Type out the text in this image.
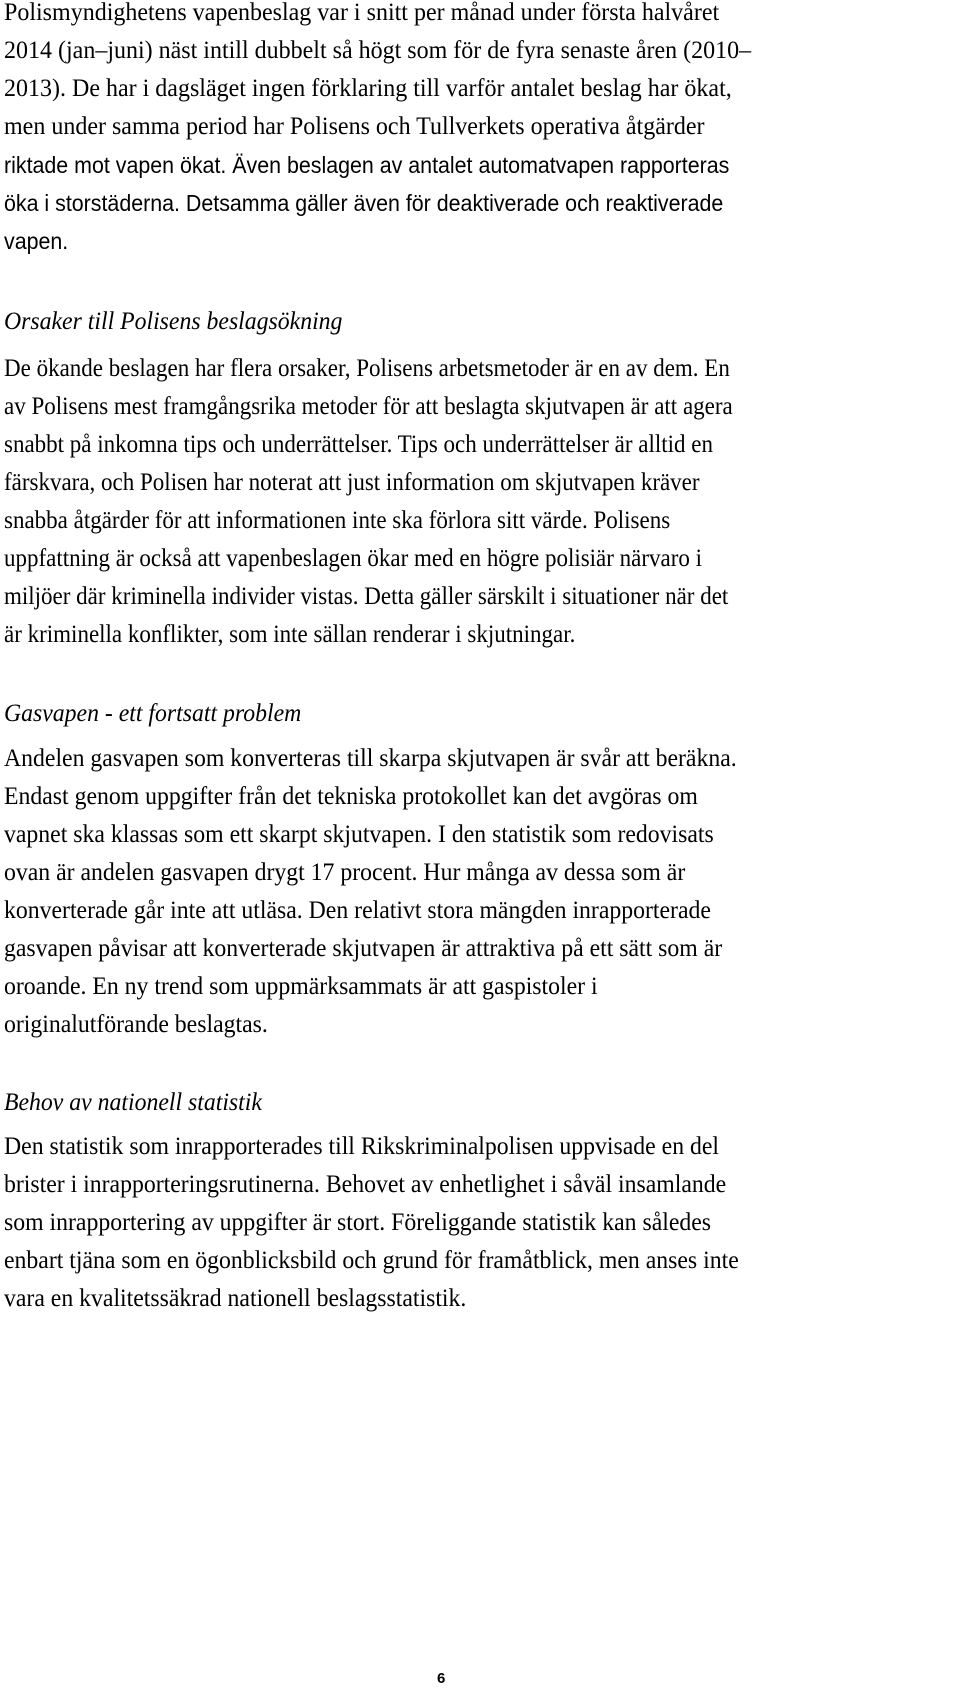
Polismyndighetens vapenbeslag var i snitt per månad under första halvåret
2014 (jan–juni) näst intill dubbelt så högt som för de fyra senaste åren (2010–
2013). De har i dagsläget ingen förklaring till varför antalet beslag har ökat,
men under samma period har Polisens och Tullverkets operativa åtgärder
riktade mot vapen ökat. Även beslagen av antalet automatvapen rapporteras
öka i storstäderna. Detsamma gäller även för deaktiverade och reaktiverade
vapen.
Orsaker till Polisens beslagsökning
De ökande beslagen har flera orsaker, Polisens arbetsmetoder är en av dem. En
av Polisens mest framgångsrika metoder för att beslagta skjutvapen är att agera
snabbt på inkomna tips och underrättelser. Tips och underrättelser är alltid en
färskvara, och Polisen har noterat att just information om skjutvapen kräver
snabba åtgärder för att informationen inte ska förlora sitt värde. Polisens
uppfattning är också att vapenbeslagen ökar med en högre polisiär närvaro i
miljöer där kriminella individer vistas. Detta gäller särskilt i situationer när det
är kriminella konflikter, som inte sällan renderar i skjutningar.
Gasvapen - ett fortsatt problem
Andelen gasvapen som konverteras till skarpa skjutvapen är svår att beräkna.
Endast genom uppgifter från det tekniska protokollet kan det avgöras om
vapnet ska klassas som ett skarpt skjutvapen. I den statistik som redovisats
ovan är andelen gasvapen drygt 17 procent. Hur många av dessa som är
konverterade går inte att utläsa. Den relativt stora mängden inrapporterade
gasvapen påvisar att konverterade skjutvapen är attraktiva på ett sätt som är
oroande. En ny trend som uppmärksammats är att gaspistoler i
originalutförande beslagtas.
Behov av nationell statistik
Den statistik som inrapporterades till Rikskriminalpolisen uppvisade en del
brister i inrapporteringsrutinerna. Behovet av enhetlighet i såväl insamlande
som inrapportering av uppgifter är stort. Föreliggande statistik kan således
enbart tjäna som en ögonblicksbild och grund för framåtblick, men anses inte
vara en kvalitetssäkrad nationell beslagsstatistik.
6
